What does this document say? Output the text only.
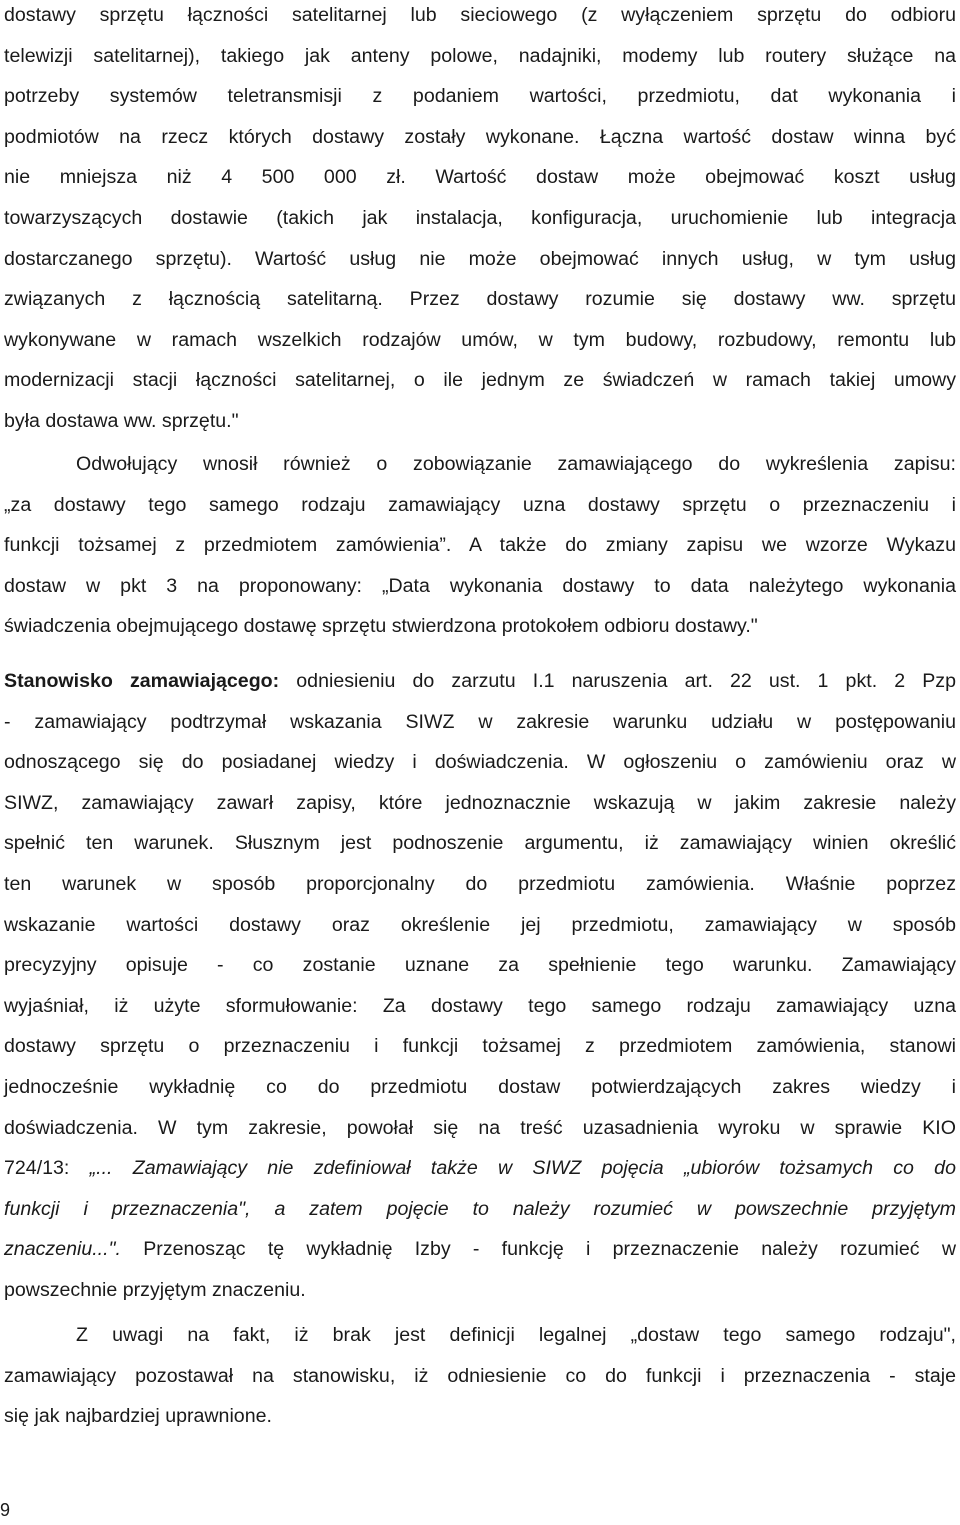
dostawy sprzętu łączności satelitarnej lub sieciowego (z wyłączeniem sprzętu do odbioru
telewizji satelitarnej), takiego jak anteny polowe, nadajniki, modemy lub routery służące na
potrzeby systemów teletransmisji z podaniem wartości, przedmiotu, dat wykonania i
podmiotów na rzecz których dostawy zostały wykonane. Łączna wartość dostaw winna być
nie mniejsza niż 4 500 000 zł. Wartość dostaw może obejmować koszt usług
towarzyszących dostawie (takich jak instalacja, konfiguracja, uruchomienie lub integracja
dostarczanego sprzętu). Wartość usług nie może obejmować innych usług, w tym usług
związanych z łącznością satelitarną. Przez dostawy rozumie się dostawy ww. sprzętu
wykonywane w ramach wszelkich rodzajów umów, w tym budowy, rozbudowy, remontu lub
modernizacji stacji łączności satelitarnej, o ile jednym ze świadczeń w ramach takiej umowy
była dostawa ww. sprzętu."
Odwołujący wnosił również o zobowiązanie zamawiającego do wykreślenia zapisu:
„za dostawy tego samego rodzaju zamawiający uzna dostawy sprzętu o przeznaczeniu i
funkcji tożsamej z przedmiotem zamówienia”. A także do zmiany zapisu we wzorze Wykazu
dostaw w pkt 3 na proponowany: „Data wykonania dostawy to data należytego wykonania
świadczenia obejmującego dostawę sprzętu stwierdzona protokołem odbioru dostawy."
Stanowisko zamawiającego: odniesieniu do zarzutu I.1 naruszenia art. 22 ust. 1 pkt. 2 Pzp
- zamawiający podtrzymał wskazania SIWZ w zakresie warunku udziału w postępowaniu
odnoszącego się do posiadanej wiedzy i doświadczenia. W ogłoszeniu o zamówieniu oraz w
SIWZ, zamawiający zawarł zapisy, które jednoznacznie wskazują w jakim zakresie należy
spełnić ten warunek. Słusznym jest podnoszenie argumentu, iż zamawiający winien określić
ten warunek w sposób proporcjonalny do przedmiotu zamówienia. Właśnie poprzez
wskazanie wartości dostawy oraz określenie jej przedmiotu, zamawiający w sposób
precyzyjny opisuje - co zostanie uznane za spełnienie tego warunku. Zamawiający
wyjaśniał, iż użyte sformułowanie: Za dostawy tego samego rodzaju zamawiający uzna
dostawy sprzętu o przeznaczeniu i funkcji tożsamej z przedmiotem zamówienia, stanowi
jednocześnie wykładnię co do przedmiotu dostaw potwierdzających zakres wiedzy i
doświadczenia. W tym zakresie, powołał się na treść uzasadnienia wyroku w sprawie KIO
724/13: „... Zamawiający nie zdefiniował także w SIWZ pojęcia „ubiorów tożsamych co do
funkcji i przeznaczenia", a zatem pojęcie to należy rozumieć w powszechnie przyjętym
znaczeniu...". Przenosząc tę wykładnię Izby - funkcję i przeznaczenie należy rozumieć w
powszechnie przyjętym znaczeniu.
Z uwagi na fakt, iż brak jest definicji legalnej „dostaw tego samego rodzaju",
zamawiający pozostawał na stanowisku, iż odniesienie co do funkcji i przeznaczenia - staje
się jak najbardziej uprawnione.
9
